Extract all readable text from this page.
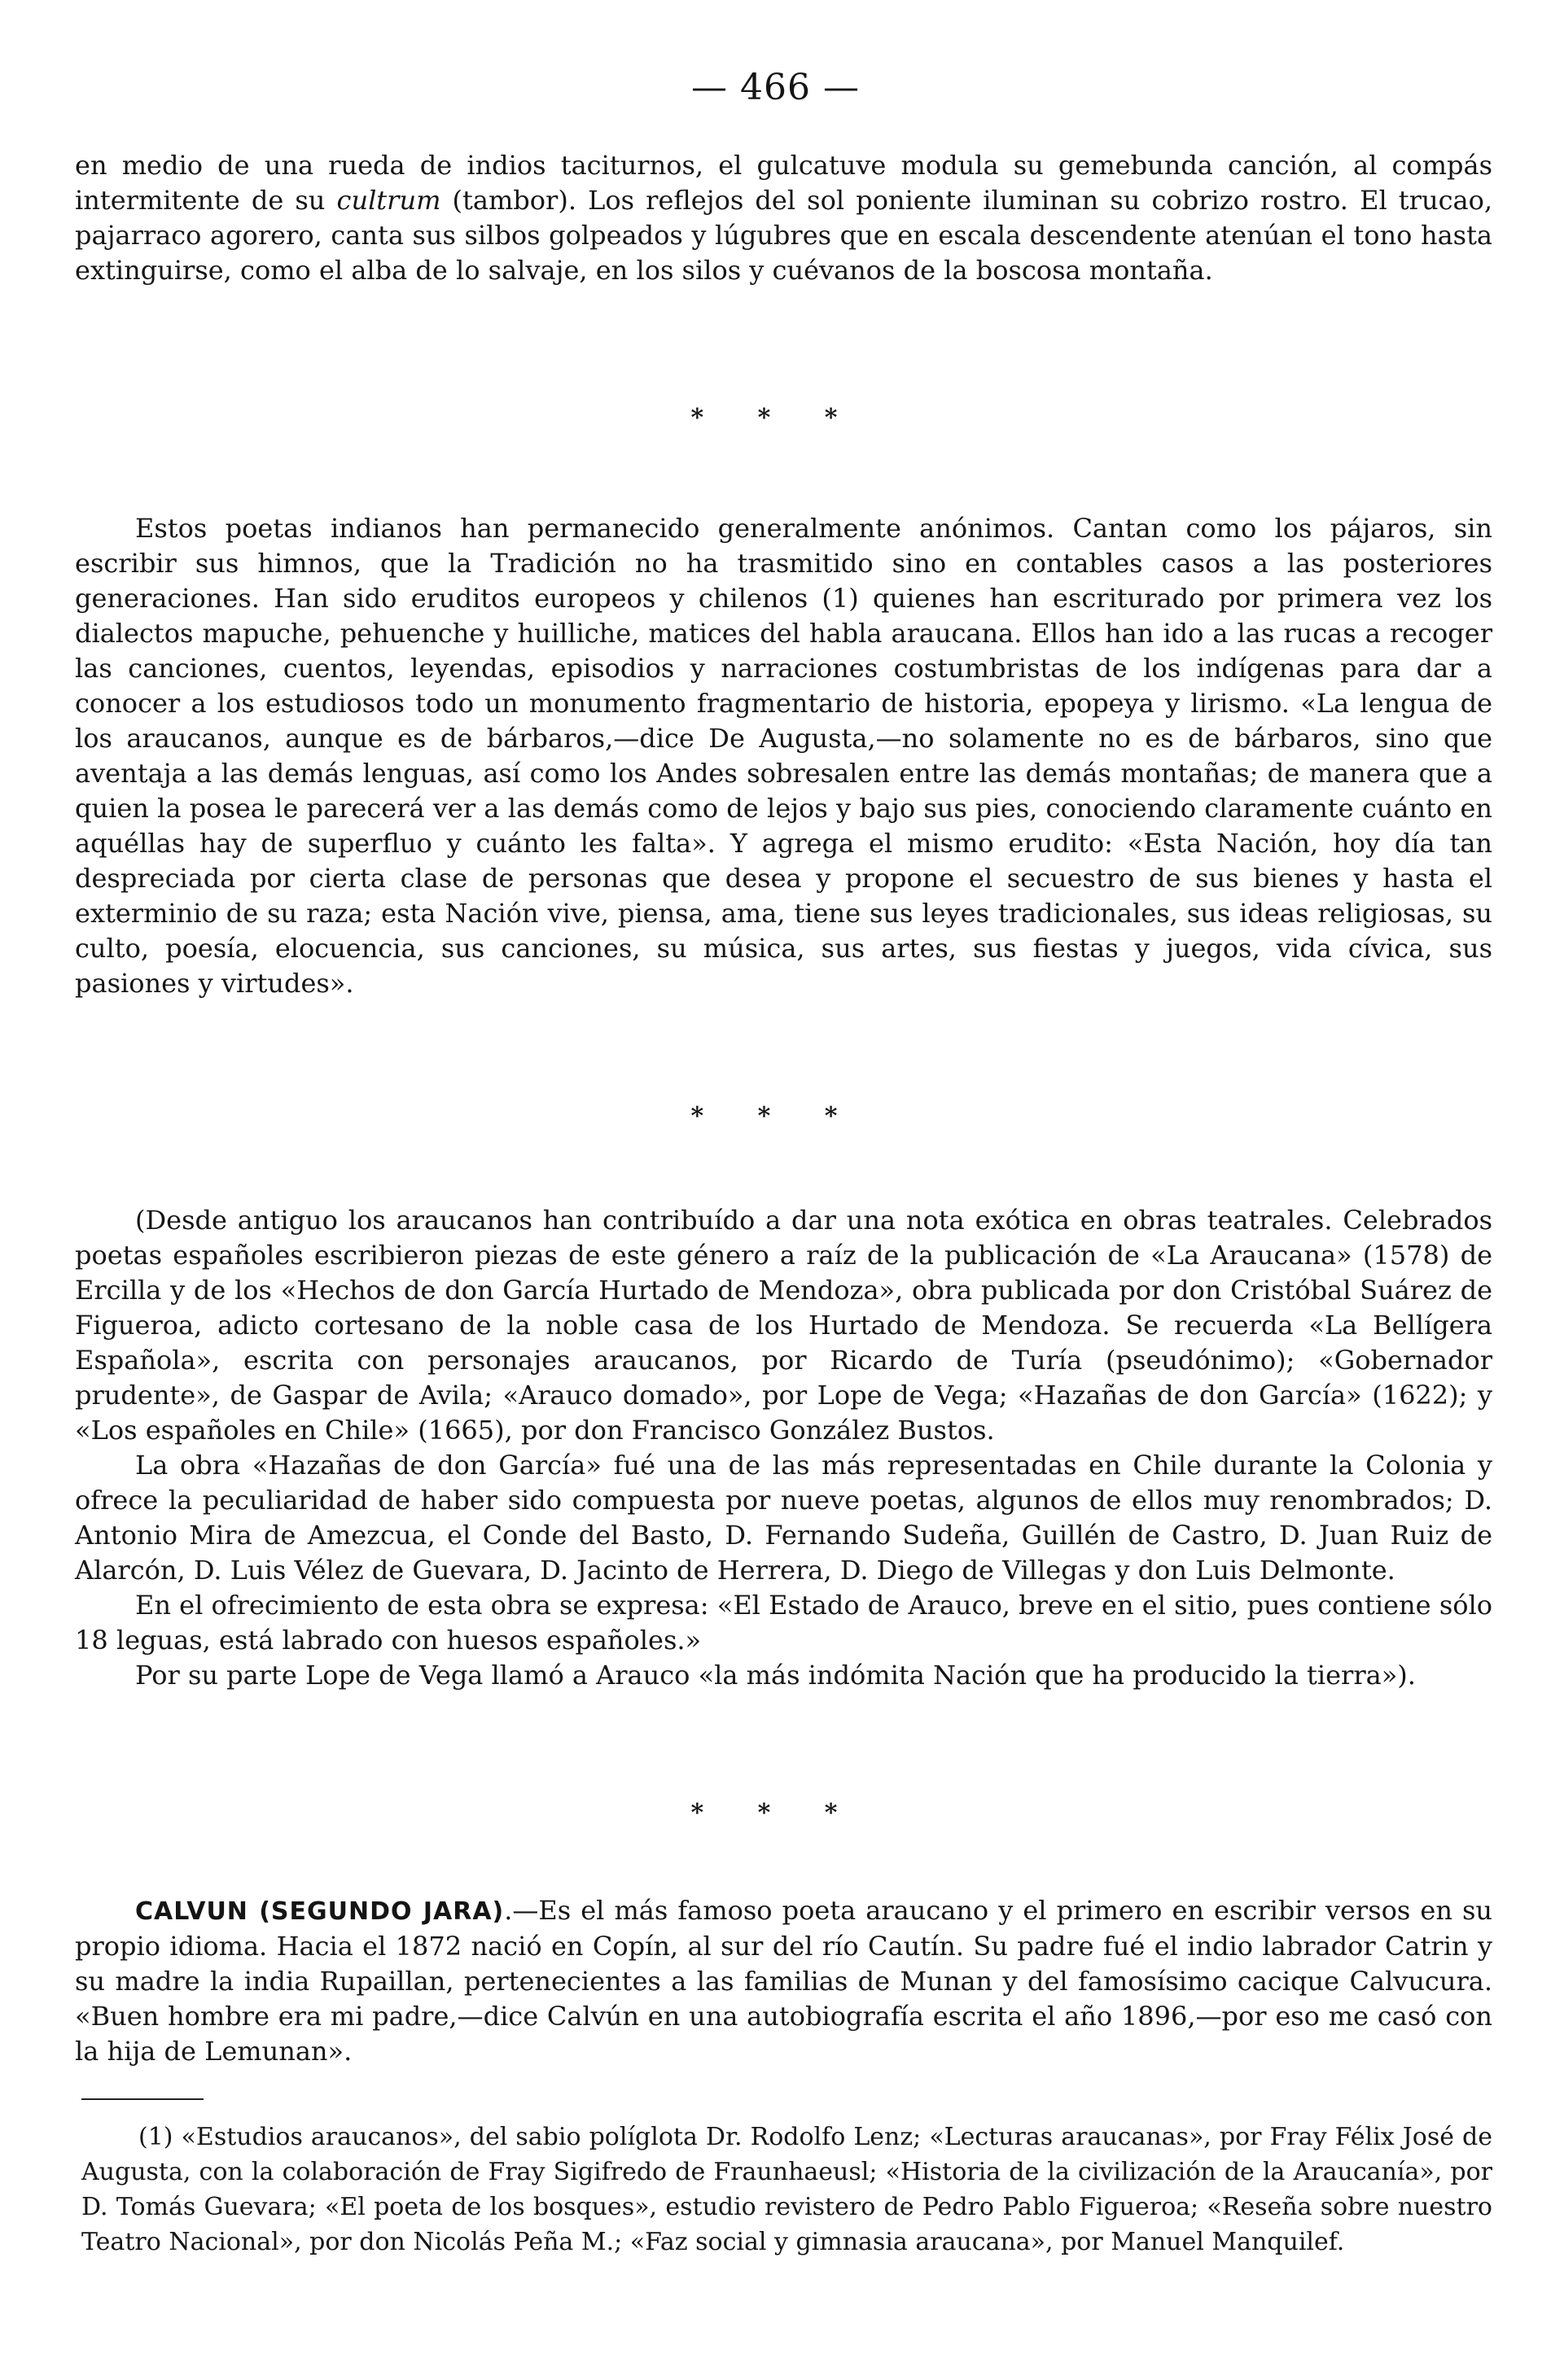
— 466 —

en medio de una rueda de indios taciturnos, el gulcatuve modula su gemebunda canción, al compás intermitente de su cultrum (tambor). Los reflejos del sol poniente iluminan su cobrizo rostro. El trucao, pajarraco agorero, canta sus silbos golpeados y lúgubres que en escala descendente atenúan el tono hasta extinguirse, como el alba de lo salvaje, en los silos y cuévanos de la boscosa montaña.

* * *

Estos poetas indianos han permanecido generalmente anónimos. Cantan como los pájaros, sin escribir sus himnos, que la Tradición no ha trasmitido sino en contables casos a las posteriores generaciones. Han sido eruditos europeos y chilenos (1) quienes han escriturado por primera vez los dialectos mapuche, pehuenche y huilliche, matices del habla araucana. Ellos han ido a las rucas a recoger las canciones, cuentos, leyendas, episodios y narraciones costumbristas de los indígenas para dar a conocer a los estudiosos todo un monumento fragmentario de historia, epopeya y lirismo. «La lengua de los araucanos, aunque es de bárbaros,—dice De Augusta,—no solamente no es de bárbaros, sino que aventaja a las demás lenguas, así como los Andes sobresalen entre las demás montañas; de manera que a quien la posea le parecerá ver a las demás como de lejos y bajo sus pies, conociendo claramente cuánto en aquéllas hay de superfluo y cuánto les falta». Y agrega el mismo erudito: «Esta Nación, hoy día tan despreciada por cierta clase de personas que desea y propone el secuestro de sus bienes y hasta el exterminio de su raza; esta Nación vive, piensa, ama, tiene sus leyes tradicionales, sus ideas religiosas, su culto, poesía, elocuencia, sus canciones, su música, sus artes, sus fiestas y juegos, vida cívica, sus pasiones y virtudes».

* * *

(Desde antiguo los araucanos han contribuído a dar una nota exótica en obras teatrales. Celebrados poetas españoles escribieron piezas de este género a raíz de la publicación de «La Araucana» (1578) de Ercilla y de los «Hechos de don García Hurtado de Mendoza», obra publicada por don Cristóbal Suárez de Figueroa, adicto cortesano de la noble casa de los Hurtado de Mendoza. Se recuerda «La Bellígera Española», escrita con personajes araucanos, por Ricardo de Turía (pseudónimo); «Gobernador prudente», de Gaspar de Avila; «Arauco domado», por Lope de Vega; «Hazañas de don García» (1622); y «Los españoles en Chile» (1665), por don Francisco González Bustos.

La obra «Hazañas de don García» fué una de las más representadas en Chile durante la Colonia y ofrece la peculiaridad de haber sido compuesta por nueve poetas, algunos de ellos muy renombrados; D. Antonio Mira de Amezcua, el Conde del Basto, D. Fernando Sudeña, Guillén de Castro, D. Juan Ruiz de Alarcón, D. Luis Vélez de Guevara, D. Jacinto de Herrera, D. Diego de Villegas y don Luis Delmonte.

En el ofrecimiento de esta obra se expresa: «El Estado de Arauco, breve en el sitio, pues contiene sólo 18 leguas, está labrado con huesos españoles.»

Por su parte Lope de Vega llamó a Arauco «la más indómita Nación que ha producido la tierra»).

* * *

CALVUN (SEGUNDO JARA).—Es el más famoso poeta araucano y el primero en escribir versos en su propio idioma. Hacia el 1872 nació en Copín, al sur del río Cautín. Su padre fué el indio labrador Catrin y su madre la india Rupaillan, pertenecientes a las familias de Munan y del famosísimo cacique Calvucura. «Buen hombre era mi padre,—dice Calvún en una autobiografía escrita el año 1896,—por eso me casó con la hija de Lemunan».

(1) «Estudios araucanos», del sabio políglota Dr. Rodolfo Lenz; «Lecturas araucanas», por Fray Félix José de Augusta, con la colaboración de Fray Sigifredo de Fraunhaeusl; «Historia de la civilización de la Araucanía», por D. Tomás Guevara; «El poeta de los bosques», estudio revistero de Pedro Pablo Figueroa; «Reseña sobre nuestro Teatro Nacional», por don Nicolás Peña M.; «Faz social y gimnasia araucana», por Manuel Manquilef.
